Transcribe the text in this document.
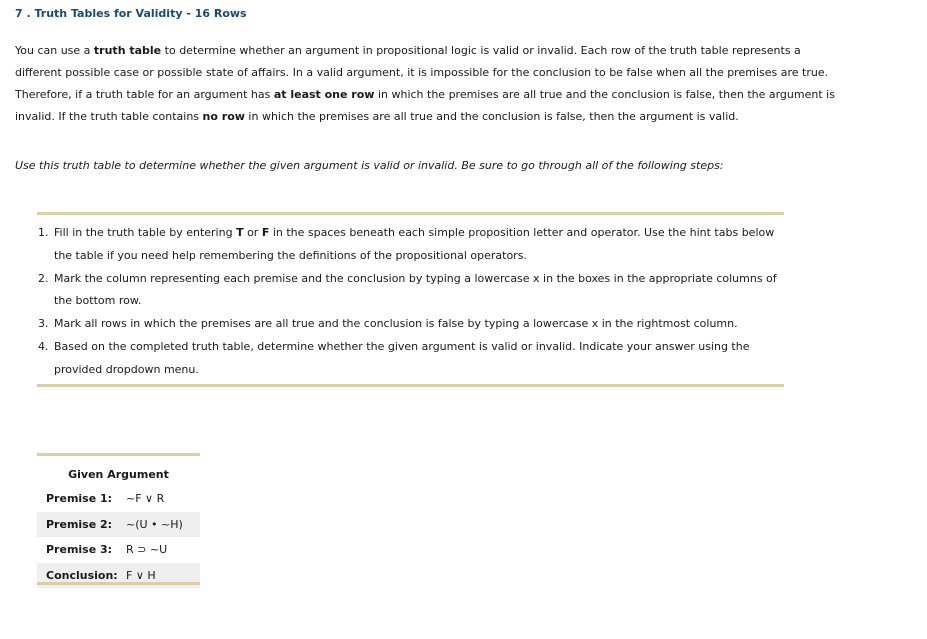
7 . Truth Tables for Validity - 16 Rows
You can use a truth table to determine whether an argument in propositional logic is valid or invalid. Each row of the truth table represents a different possible case or possible state of affairs. In a valid argument, it is impossible for the conclusion to be false when all the premises are true. Therefore, if a truth table for an argument has at least one row in which the premises are all true and the conclusion is false, then the argument is invalid. If the truth table contains no row in which the premises are all true and the conclusion is false, then the argument is valid.
Use this truth table to determine whether the given argument is valid or invalid. Be sure to go through all of the following steps:
1. Fill in the truth table by entering T or F in the spaces beneath each simple proposition letter and operator. Use the hint tabs below the table if you need help remembering the definitions of the propositional operators.
2. Mark the column representing each premise and the conclusion by typing a lowercase x in the boxes in the appropriate columns of the bottom row.
3. Mark all rows in which the premises are all true and the conclusion is false by typing a lowercase x in the rightmost column.
4. Based on the completed truth table, determine whether the given argument is valid or invalid. Indicate your answer using the provided dropdown menu.
Given Argument	
Premise 1:	~F ∨ R
Premise 2:	~(U • ~H)
Premise 3:	R ⊃ ~U
Conclusion:	F ∨ H
